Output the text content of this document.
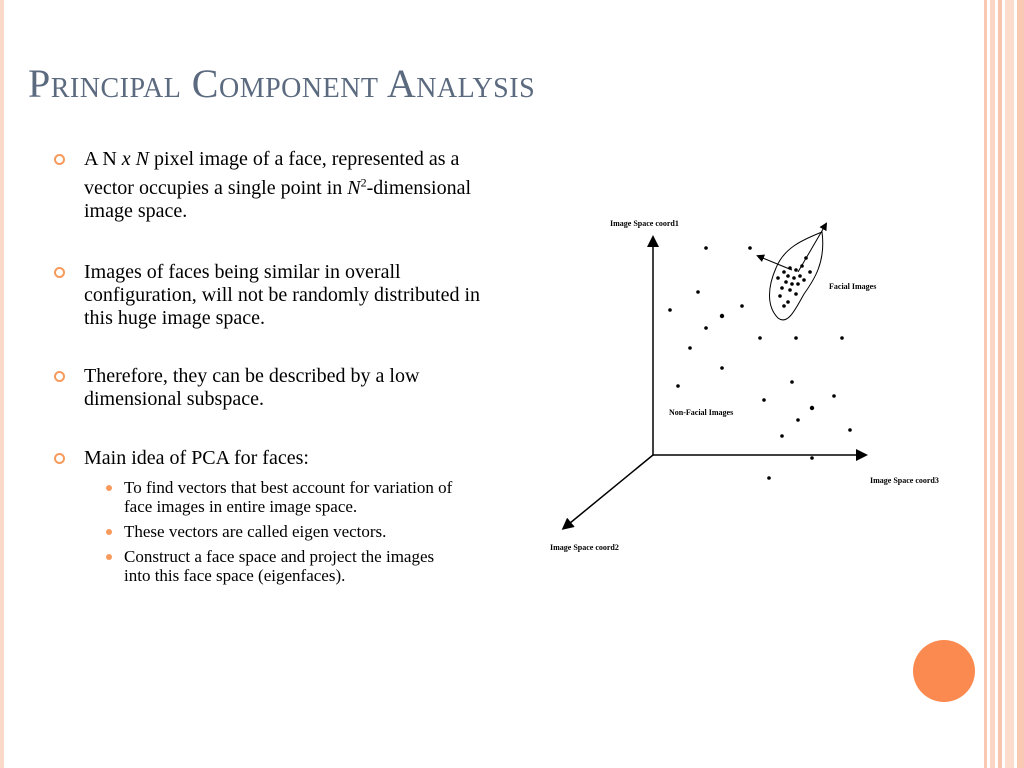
Principal Component Analysis
A N x N pixel image of a face, represented as a vector occupies a single point in $N^2$-dimensional image space.
Images of faces being similar in overall configuration, will not be randomly distributed in this huge image space.
Therefore, they can be described by a low dimensional subspace.
Main idea of PCA for faces:
To find vectors that best account for variation of face images in entire image space.
These vectors are called eigen vectors.
Construct a face space and project the images into this face space (eigenfaces).
Image Space coord1
Image Space coord3
Image Space coord2
Facial Images
Non-Facial Images
